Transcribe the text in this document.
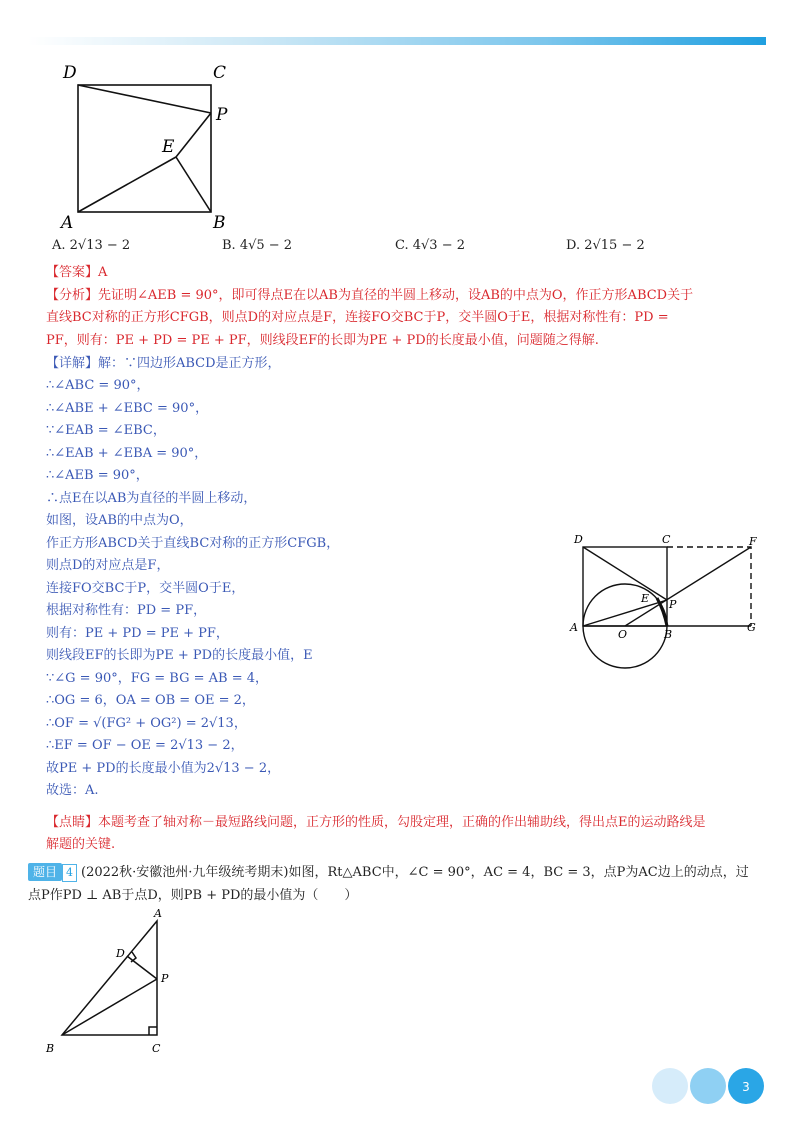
D	C
P
E
A	B
A. 2√13 − 2	B. 4√5 − 2	C. 4√3 − 2	D. 2√15 − 2
【答案】A
【分析】先证明∠AEB = 90°，即可得点E在以AB为直径的半圆上移动，设AB的中点为O，作正方形ABCD关于
直线BC对称的正方形CFGB，则点D的对应点是F，连接FO交BC于P，交半圆O于E，根据对称性有：PD =
PF，则有：PE + PD = PE + PF，则线段EF的长即为PE + PD的长度最小值，问题随之得解.
【详解】解：∵四边形ABCD是正方形，
∴∠ABC = 90°，
∴∠ABE + ∠EBC = 90°，
∵∠EAB = ∠EBC，
∴∠EAB + ∠EBA = 90°，
∴∠AEB = 90°，
∴点E在以AB为直径的半圆上移动，
如图，设AB的中点为O，
作正方形ABCD关于直线BC对称的正方形CFGB，
则点D的对应点是F，
连接FO交BC于P，交半圆O于E，
根据对称性有：PD = PF，
则有：PE + PD = PE + PF，
则线段EF的长即为PE + PD的长度最小值，E
∵∠G = 90°，FG = BG = AB = 4，
∴OG = 6，OA = OB = OE = 2，
∴OF = √(FG² + OG²) = 2√13，
∴EF = OF − OE = 2√13 − 2，
故PE + PD的长度最小值为2√13 − 2，
故选：A.
【点睛】本题考查了轴对称－最短路线问题，正方形的性质，勾股定理，正确的作出辅助线，得出点E的运动路线是
解题的关键.
D	C	F
E P
A
O	B
G
题目 4 (2022秋·安徽池州·九年级统考期末)如图，Rt△ABC中，∠C = 90°，AC = 4，BC = 3，点P为AC边上的动点，过
点P作PD ⊥ AB于点D，则PB + PD的最小值为（　　）
A
D
P
B	C
3
